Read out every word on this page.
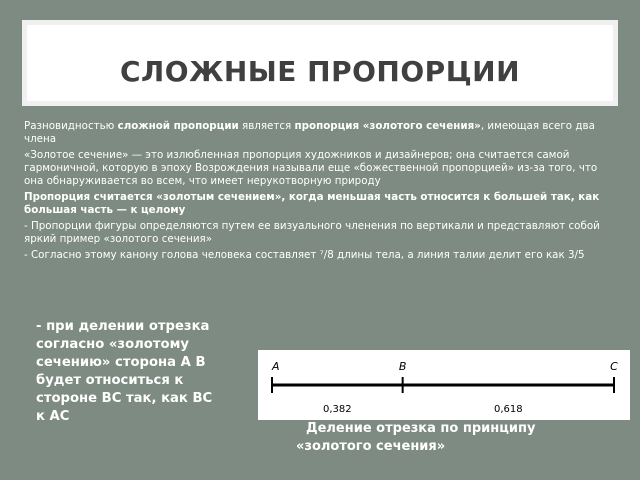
СЛОЖНЫЕ ПРОПОРЦИИ

Разновидностью сложной пропорции является пропорция «золотого сечения», имеющая всего два члена

«Золотое сечение» — это излюбленная пропорция художников и дизайнеров; она считается самой гармоничной, которую в эпоху Возрождения называли еще «божественной пропорцией» из-за того, что она обнаруживается во всем, что имеет нерукотворную природу

Пропорция считается «золотым сечением», когда меньшая часть относится к большей так, как большая часть — к целому

- Пропорции фигуры определяются путем ее визуального членения по вертикали и представляют собой яркий пример «золотого сечения»

- Согласно этому канону голова человека составляет ⁷/8 длины тела, а линия талии делит его как 3/5

- при делении отрезка согласно «золотому сечению» сторона A B будет относиться к стороне BC так, как BC к AC
A	B	C
0,382	0,618
Деление отрезка по принципу
«золотого сечения»
